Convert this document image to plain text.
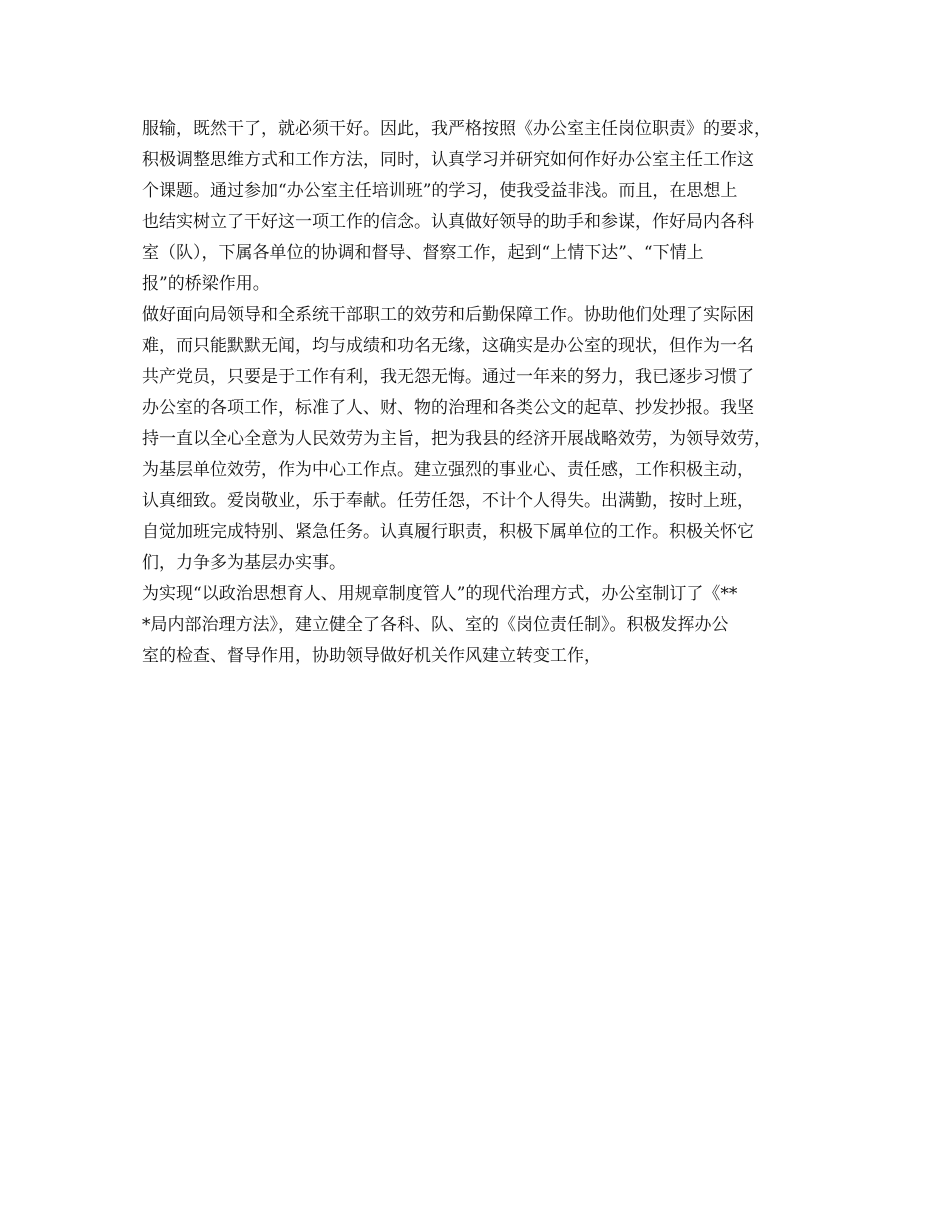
服输，既然干了，就必须干好。因此，我严格按照《办公室主任岗位职责》的要求，
积极调整思维方式和工作方法，同时，认真学习并研究如何作好办公室主任工作这
个课题。通过参加“办公室主任培训班”的学习，使我受益非浅。而且，在思想上
也结实树立了干好这一项工作的信念。认真做好领导的助手和参谋，作好局内各科
室（队），下属各单位的协调和督导、督察工作，起到“上情下达”、“下情上
报”的桥梁作用。
做好面向局领导和全系统干部职工的效劳和后勤保障工作。协助他们处理了实际困
难，而只能默默无闻，均与成绩和功名无缘，这确实是办公室的现状，但作为一名
共产党员，只要是于工作有利，我无怨无悔。通过一年来的努力，我已逐步习惯了
办公室的各项工作，标准了人、财、物的治理和各类公文的起草、抄发抄报。我坚
持一直以全心全意为人民效劳为主旨，把为我县的经济开展战略效劳，为领导效劳，
为基层单位效劳，作为中心工作点。建立强烈的事业心、责任感，工作积极主动，
认真细致。爱岗敬业，乐于奉献。任劳任怨，不计个人得失。出满勤，按时上班，
自觉加班完成特别、紧急任务。认真履行职责，积极下属单位的工作。积极关怀它
们，力争多为基层办实事。
为实现“以政治思想育人、用规章制度管人”的现代治理方式，办公室制订了《**
*局内部治理方法》，建立健全了各科、队、室的《岗位责任制》。积极发挥办公
室的检查、督导作用，协助领导做好机关作风建立转变工作，
